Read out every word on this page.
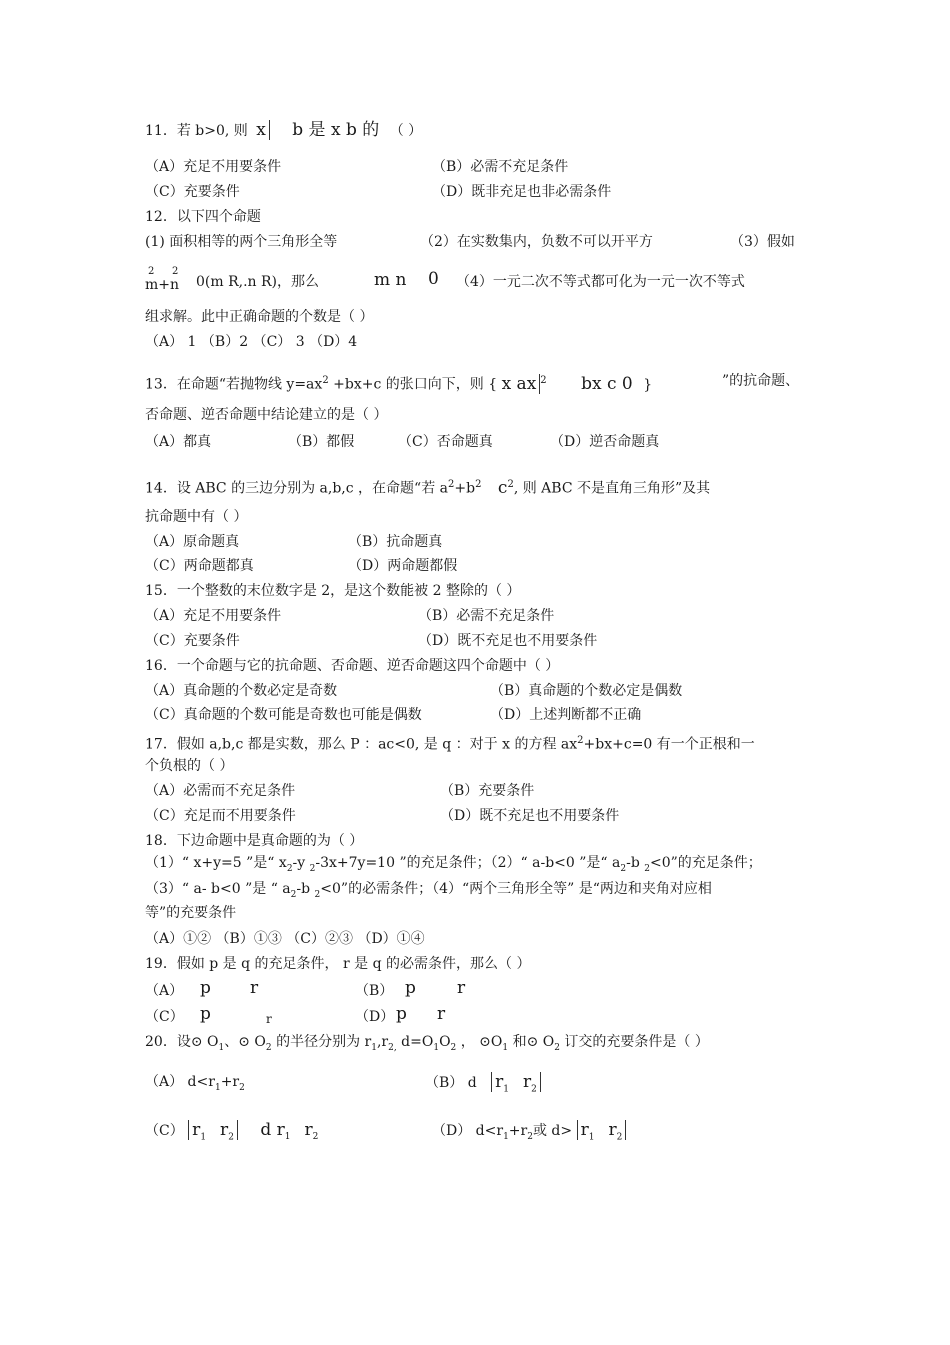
11．若 b>0, 则 x b 是 x b 的 （ ）
（A）充足不用要条件	（B）必需不充足条件
（C）充要条件	（D）既非充足也非必需条件
12．以下四个命题
(1) 面积相等的两个三角形全等	（2）在实数集内，负数不可以开平方	（3）假如
2 2
m+n 0(m R,.n R)，那么	m n 0 （4）一元二次不等式都可化为一元一次不等式
组求解。此中正确命题的个数是（ ）
（A） 1 （B）2 （C） 3 （D）4
13．在命题“若抛物线 $y=ax^2 +bx+c$ 的张口向下，则 { x ax $^2$ bx c 0 }	”的抗命题、
否命题、逆否命题中结论建立的是（ ）
（A）都真	（B）都假	（C）否命题真	（D）逆否命题真
14．设 ABC 的三边分别为 a,b,c ，在命题“若 $a^2+b^2$ $c^2$, 则 ABC 不是直角三角形”及其
抗命题中有（ ）
（A）原命题真	（B）抗命题真
（C）两命题都真	（D）两命题都假
15．一个整数的末位数字是 2，是这个数能被 2 整除的（ ）
（A）充足不用要条件	（B）必需不充足条件
（C）充要条件	（D）既不充足也不用要条件
16．一个命题与它的抗命题、否命题、逆否命题这四个命题中（ ）
（A）真命题的个数必定是奇数	（B）真命题的个数必定是偶数
（C）真命题的个数可能是奇数也可能是偶数	（D）上述判断都不正确
17．假如 a,b,c 都是实数，那么 P ：ac<0, 是 q ：对于 x 的方程 $ax^2+bx+c=0$ 有一个正根和一
个负根的（ ）
（A）必需而不充足条件	（B）充要条件
（C）充足而不用要条件	（D）既不充足也不用要条件
18．下边命题中是真命题的为（ ）
（1）“ x+y=5 ”是“ $x_2-y$ $_2$-3x+7y=10 ”的充足条件；（2）“ a-b<0 ”是“ $a_2-b$ $_2$<0”的充足条件；
（3）“ a- b<0 ”是 “ $a_2-b$ $_2$<0”的必需条件；（4）“两个三角形全等” 是“两边和夹角对应相
等”的充要条件
（A）①② （B）①③ （C）②③ （D）①④
19．假如 p 是 q 的充足条件， r 是 q 的必需条件，那么（ ）
（A） p r	（B） p r
（C） p	r	（D） p r
20．设⊙ $O_1$、⊙ $O_2$ 的半径分别为 $r_1,r_{2,}$ $d=O_1O_2$ ， $⊙O_1$ 和⊙ $O_2$ 订交的充要条件是（ ）
（A） $d<r_1+r_2$	（B） d $r_1$ $r_2$
（C） $r_1$ $r_2$ d $r_1$ $r_2$	（D） $d<r_1+r_2$或 $d> r_1$ $r_2$
